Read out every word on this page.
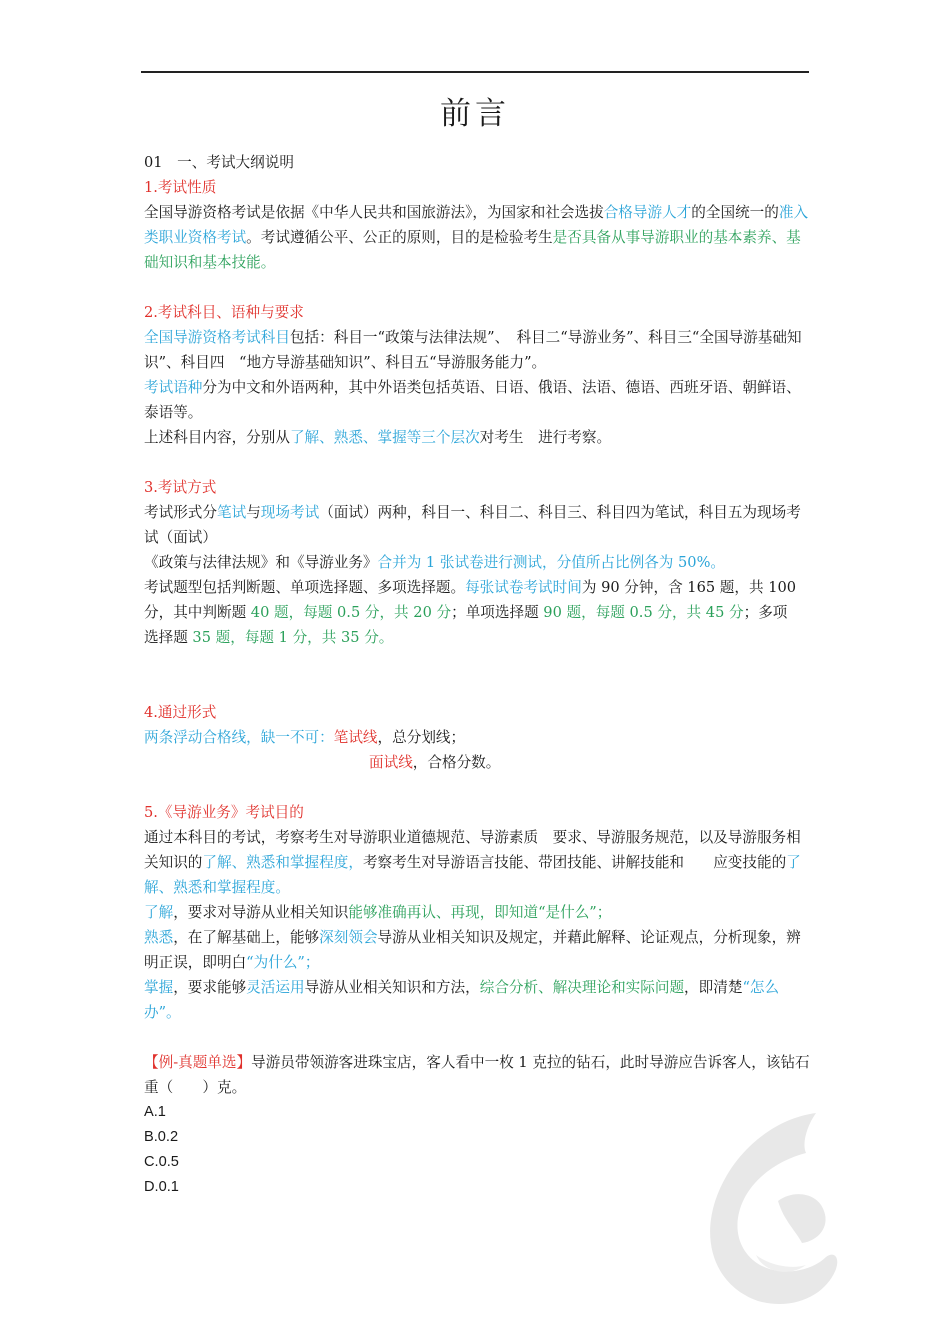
前言

01　一、考试大纲说明

1.考试性质

全国导游资格考试是依据《中华人民共和国旅游法》，为国家和社会选拔合格导游人才的全国统一的准入类职业资格考试。考试遵循公平、公正的原则，目的是检验考生是否具备从事导游职业的基本素养、基础知识和基本技能。

2.考试科目、语种与要求

全国导游资格考试科目包括：科目一“政策与法律法规”、　科目二“导游业务”、科目三“全国导游基础知识”、科目四　“地方导游基础知识”、科目五“导游服务能力”。

考试语种分为中文和外语两种，其中外语类包括英语、日语、俄语、法语、德语、西班牙语、朝鲜语、泰语等。

上述科目内容，分别从了解、熟悉、掌握等三个层次对考生　进行考察。

3.考试方式

考试形式分笔试与现场考试（面试）两种，科目一、科目二、科目三、科目四为笔试，科目五为现场考试（面试）

《政策与法律法规》和《导游业务》合并为 1 张试卷进行测试，分值所占比例各为 50%。

考试题型包括判断题、单项选择题、多项选择题。每张试卷考试时间为 90 分钟，含 165 题，共 100 分，其中判断题 40 题，每题 0.5 分，共 20 分；单项选择题 90 题，每题 0.5 分，共 45 分；多项　选择题 35 题，每题 1 分，共 35 分。

4.通过形式

两条浮动合格线，缺一不可：笔试线，总分划线；

面试线，合格分数。

5.《导游业务》考试目的

通过本科目的考试，考察考生对导游职业道德规范、导游素质　要求、导游服务规范，以及导游服务相关知识的了解、熟悉和掌握程度，考察考生对导游语言技能、带团技能、讲解技能和　　应变技能的了解、熟悉和掌握程度。

了解，要求对导游从业相关知识能够准确再认、再现，即知道“是什么”；

熟悉，在了解基础上，能够深刻领会导游从业相关知识及规定，并藉此解释、论证观点，分析现象，辨明正误，即明白“为什么”；

掌握，要求能够灵活运用导游从业相关知识和方法，综合分析、解决理论和实际问题，即清楚“怎么办”。

【例-真题单选】导游员带领游客进珠宝店，客人看中一枚 1 克拉的钻石，此时导游应告诉客人，该钻石重（　　）克。

A.1

B.0.2

C.0.5

D.0.1
